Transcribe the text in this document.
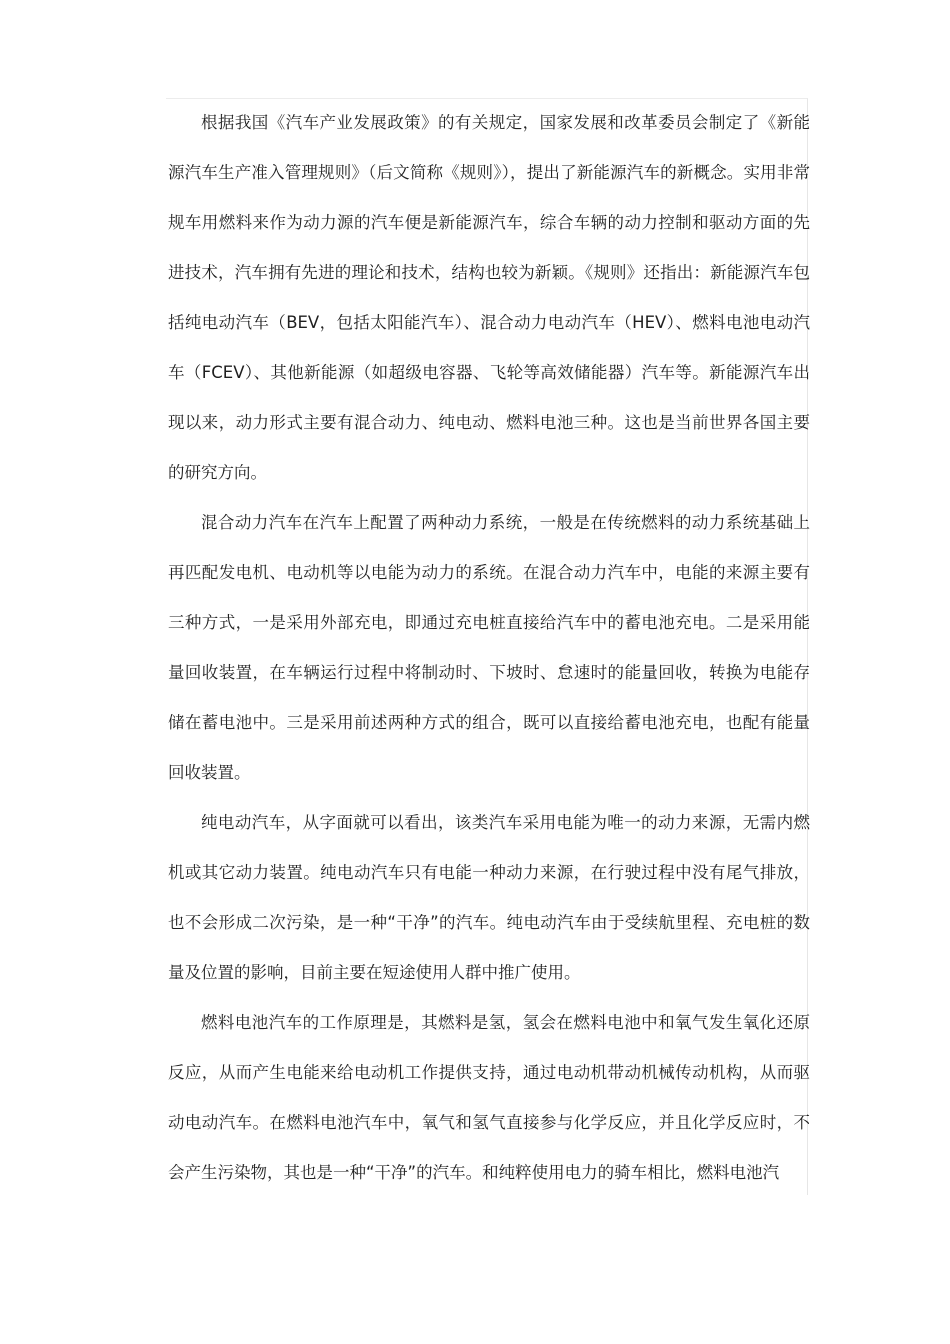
根据我国《汽车产业发展政策》的有关规定，国家发展和改革委员会制定了《新能源汽车生产准入管理规则》（后文简称《规则》），提出了新能源汽车的新概念。实用非常规车用燃料来作为动力源的汽车便是新能源汽车，综合车辆的动力控制和驱动方面的先进技术，汽车拥有先进的理论和技术，结构也较为新颖。《规则》还指出：新能源汽车包括纯电动汽车（BEV，包括太阳能汽车）、混合动力电动汽车（HEV）、燃料电池电动汽车（FCEV）、其他新能源（如超级电容器、飞轮等高效储能器）汽车等。新能源汽车出现以来，动力形式主要有混合动力、纯电动、燃料电池三种。这也是当前世界各国主要的研究方向。

混合动力汽车在汽车上配置了两种动力系统，一般是在传统燃料的动力系统基础上再匹配发电机、电动机等以电能为动力的系统。在混合动力汽车中，电能的来源主要有三种方式，一是采用外部充电，即通过充电桩直接给汽车中的蓄电池充电。二是采用能量回收装置，在车辆运行过程中将制动时、下坡时、怠速时的能量回收，转换为电能存储在蓄电池中。三是采用前述两种方式的组合，既可以直接给蓄电池充电，也配有能量回收装置。

纯电动汽车，从字面就可以看出，该类汽车采用电能为唯一的动力来源，无需内燃机或其它动力装置。纯电动汽车只有电能一种动力来源，在行驶过程中没有尾气排放，也不会形成二次污染，是一种“干净”的汽车。纯电动汽车由于受续航里程、充电桩的数量及位置的影响，目前主要在短途使用人群中推广使用。

燃料电池汽车的工作原理是，其燃料是氢，氢会在燃料电池中和氧气发生氧化还原反应，从而产生电能来给电动机工作提供支持，通过电动机带动机械传动机构，从而驱动电动汽车。在燃料电池汽车中，氧气和氢气直接参与化学反应，并且化学反应时，不会产生污染物，其也是一种“干净”的汽车。和纯粹使用电力的骑车相比，燃料电池汽
